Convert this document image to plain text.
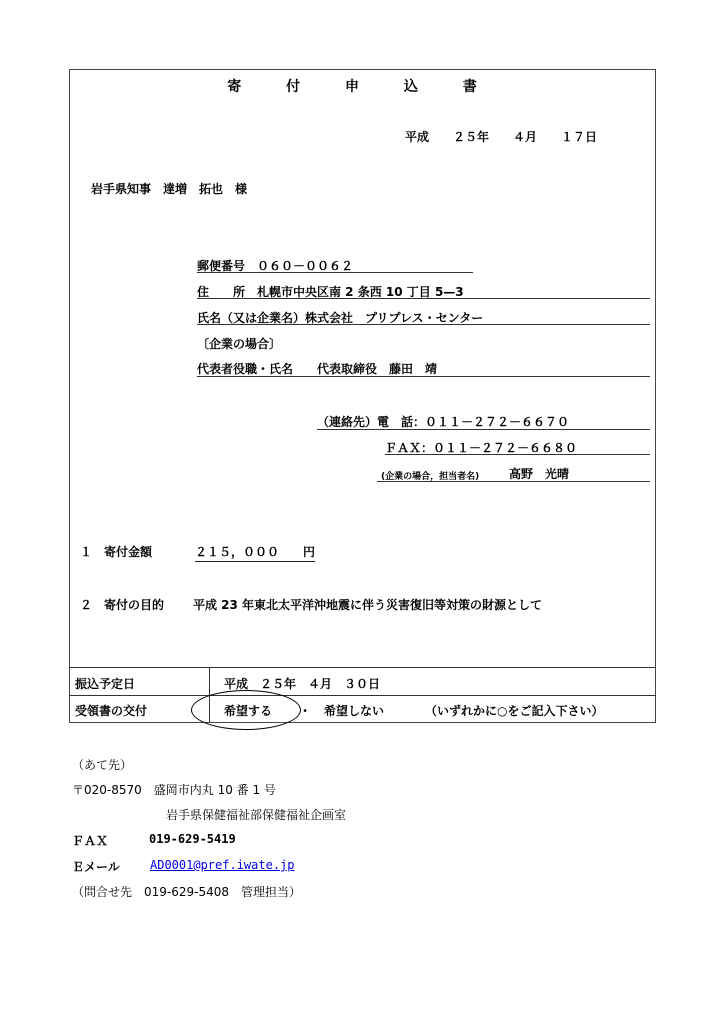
寄 付 申 込 書
平成　　２５年　　４月　　１７日
岩手県知事　達増　拓也　様
郵便番号　０６０－００６２
住　　所　札幌市中央区南 2 条西 10 丁目 5—3
氏名（又は企業名）株式会社　プリプレス・センター
〔企業の場合〕
代表者役職・氏名　　代表取締役　藤田　靖
（連絡先）電　話：０１１－２７２－６６７０
ＦＡＸ：０１１－２７２－６６８０
(企業の場合，担当者名) 高野　光晴
１　寄付金額	２１５，０００　　円
２　寄付の目的 平成 23 年東北太平洋沖地震に伴う災害復旧等対策の財源として
振込予定日	平成　２５年　４月　３０日
受領書の交付	希望する ・ 希望しない	（いずれかに○をご記入下さい）
（あて先）
〒020-8570　盛岡市内丸 10 番 1 号
岩手県保健福祉部保健福祉企画室
ＦＡＸ	019-629-5419
Ｅメール	AD0001@pref.iwate.jp
（問合せ先　019-629-5408　管理担当）
